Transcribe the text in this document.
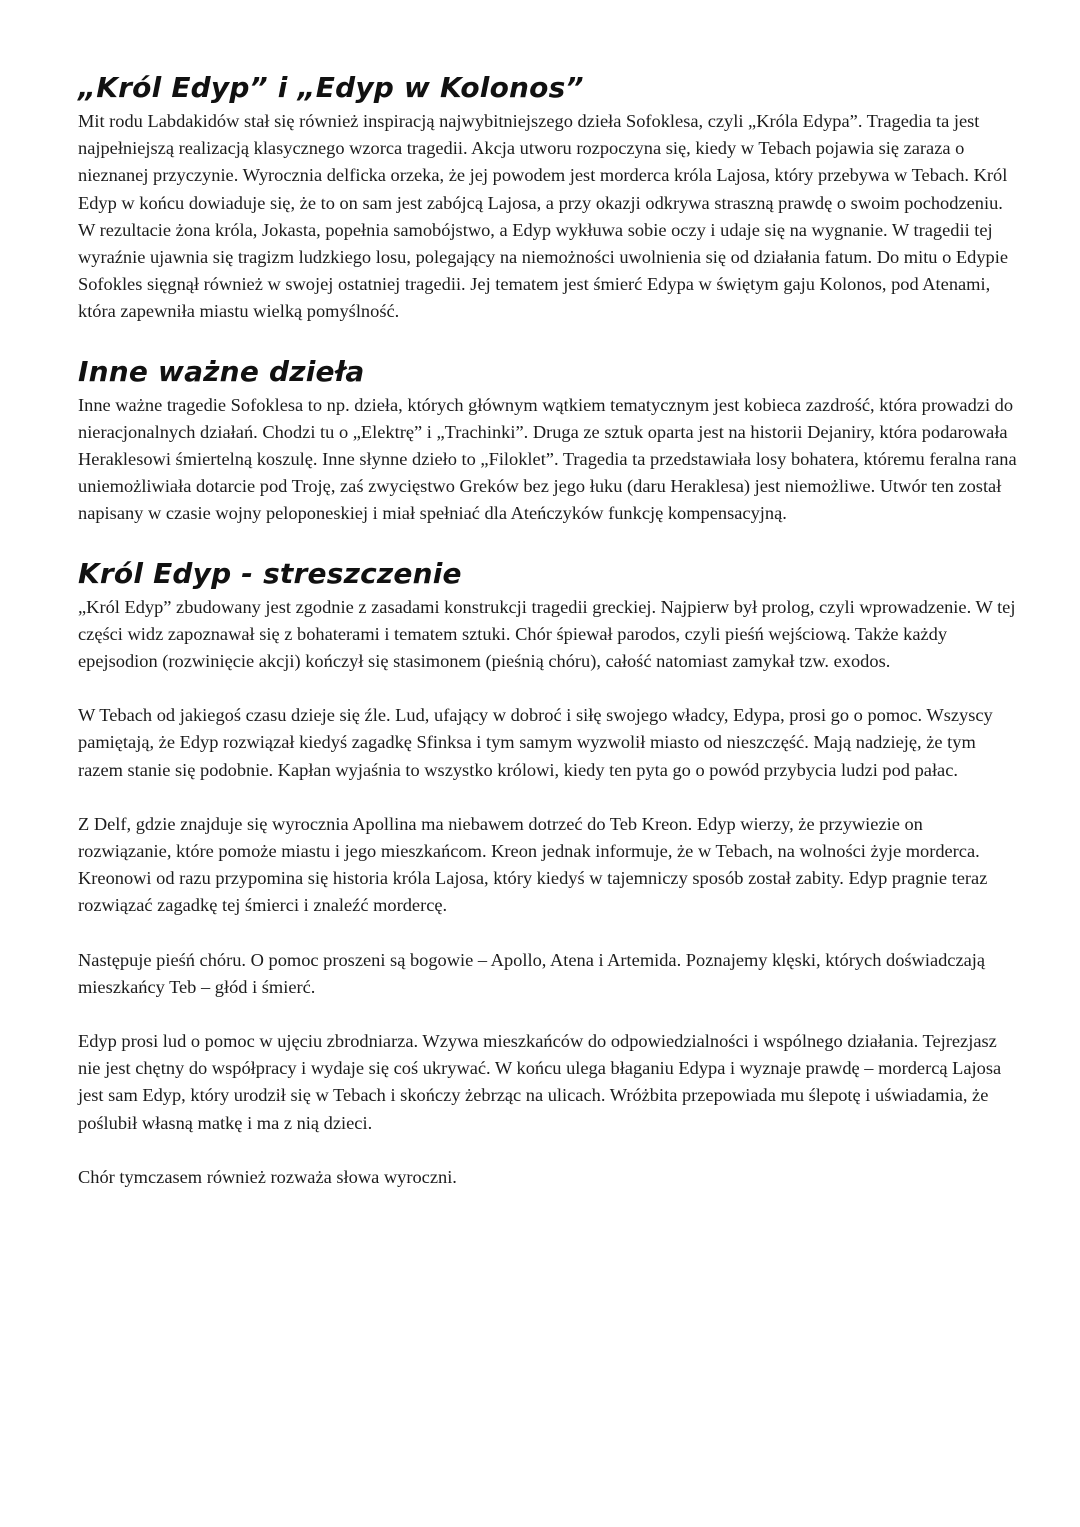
„Król Edyp” i „Edyp w Kolonos”

Mit rodu Labdakidów stał się również inspiracją najwybitniejszego dzieła Sofoklesa, czyli „Króla Edypa”. Tragedia ta jest najpełniejszą realizacją klasycznego wzorca tragedii. Akcja utworu rozpoczyna się, kiedy w Tebach pojawia się zaraza o nieznanej przyczynie. Wyrocznia delficka orzeka, że jej powodem jest morderca króla Lajosa, który przebywa w Tebach. Król Edyp w końcu dowiaduje się, że to on sam jest zabójcą Lajosa, a przy okazji odkrywa straszną prawdę o swoim pochodzeniu. W rezultacie żona króla, Jokasta, popełnia samobójstwo, a Edyp wykłuwa sobie oczy i udaje się na wygnanie. W tragedii tej wyraźnie ujawnia się tragizm ludzkiego losu, polegający na niemożności uwolnienia się od działania fatum. Do mitu o Edypie Sofokles sięgnął również w swojej ostatniej tragedii. Jej tematem jest śmierć Edypa w świętym gaju Kolonos, pod Atenami, która zapewniła miastu wielką pomyślność.

Inne ważne dzieła

Inne ważne tragedie Sofoklesa to np. dzieła, których głównym wątkiem tematycznym jest kobieca zazdrość, która prowadzi do nieracjonalnych działań. Chodzi tu o „Elektrę” i „Trachinki”. Druga ze sztuk oparta jest na historii Dejaniry, która podarowała Heraklesowi śmiertelną koszulę. Inne słynne dzieło to „Filoklet”. Tragedia ta przedstawiała losy bohatera, któremu feralna rana uniemożliwiała dotarcie pod Troję, zaś zwycięstwo Greków bez jego łuku (daru Heraklesa) jest niemożliwe. Utwór ten został napisany w czasie wojny peloponeskiej i miał spełniać dla Ateńczyków funkcję kompensacyjną.

Król Edyp - streszczenie

„Król Edyp” zbudowany jest zgodnie z zasadami konstrukcji tragedii greckiej. Najpierw był prolog, czyli wprowadzenie. W tej części widz zapoznawał się z bohaterami i tematem sztuki. Chór śpiewał parodos, czyli pieśń wejściową. Także każdy epejsodion (rozwinięcie akcji) kończył się stasimonem (pieśnią chóru), całość natomiast zamykał tzw. exodos.

W Tebach od jakiegoś czasu dzieje się źle. Lud, ufający w dobroć i siłę swojego władcy, Edypa, prosi go o pomoc. Wszyscy pamiętają, że Edyp rozwiązał kiedyś zagadkę Sfinksa i tym samym wyzwolił miasto od nieszczęść. Mają nadzieję, że tym razem stanie się podobnie. Kapłan wyjaśnia to wszystko królowi, kiedy ten pyta go o powód przybycia ludzi pod pałac.

Z Delf, gdzie znajduje się wyrocznia Apollina ma niebawem dotrzeć do Teb Kreon. Edyp wierzy, że przywiezie on rozwiązanie, które pomoże miastu i jego mieszkańcom. Kreon jednak informuje, że w Tebach, na wolności żyje morderca. Kreonowi od razu przypomina się historia króla Lajosa, który kiedyś w tajemniczy sposób został zabity. Edyp pragnie teraz rozwiązać zagadkę tej śmierci i znaleźć mordercę.

Następuje pieśń chóru. O pomoc proszeni są bogowie – Apollo, Atena i Artemida. Poznajemy klęski, których doświadczają mieszkańcy Teb – głód i śmierć.

Edyp prosi lud o pomoc w ujęciu zbrodniarza. Wzywa mieszkańców do odpowiedzialności i wspólnego działania. Tejrezjasz nie jest chętny do współpracy i wydaje się coś ukrywać. W końcu ulega błaganiu Edypa i wyznaje prawdę – mordercą Lajosa jest sam Edyp, który urodził się w Tebach i skończy żebrząc na ulicach. Wróżbita przepowiada mu ślepotę i uświadamia, że poślubił własną matkę i ma z nią dzieci.

Chór tymczasem również rozważa słowa wyroczni.
